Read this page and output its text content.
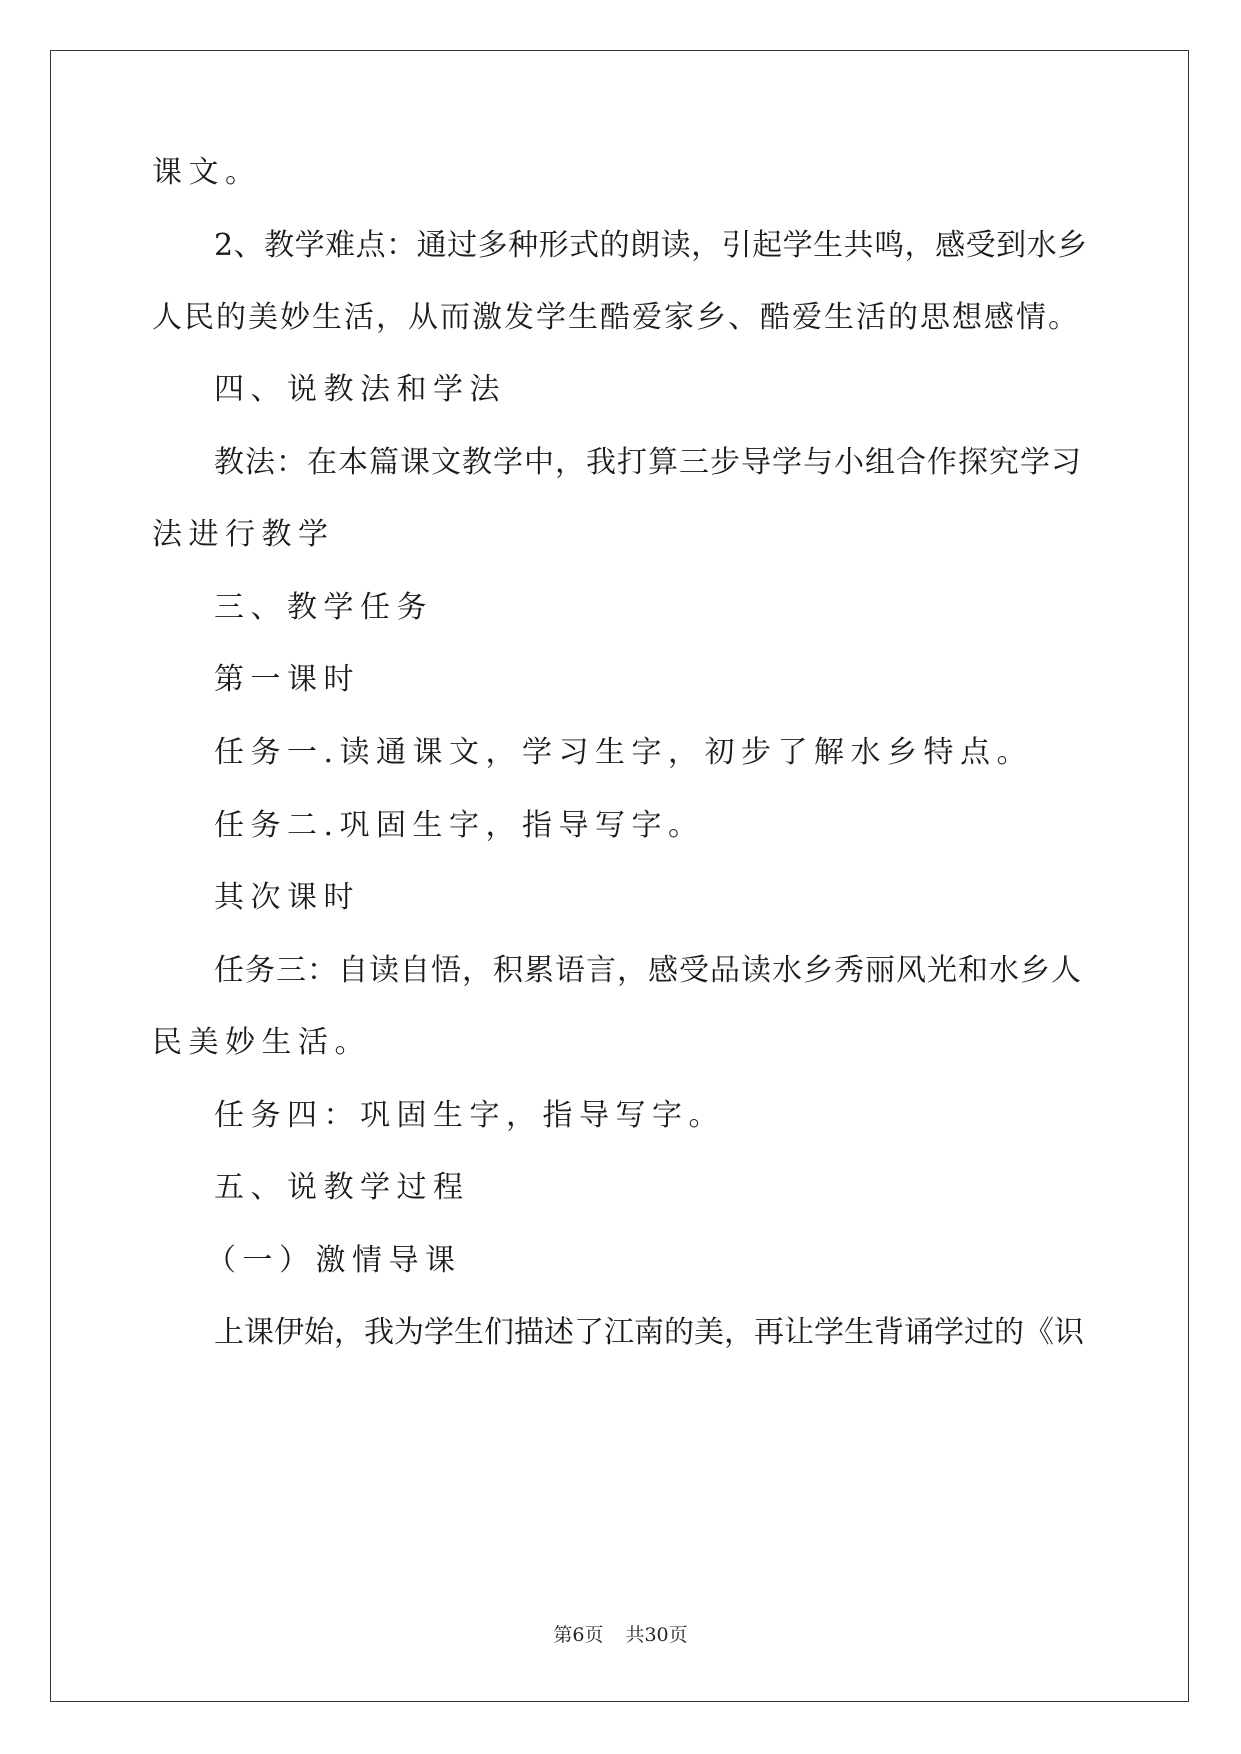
课文。
2、教学难点：通过多种形式的朗读，引起学生共鸣，感受到水乡
人民的美妙生活，从而激发学生酷爱家乡、酷爱生活的思想感情。
四、说教法和学法
教法：在本篇课文教学中，我打算三步导学与小组合作探究学习
法进行教学
三、教学任务
第一课时
任务一.读通课文，学习生字，初步了解水乡特点。
任务二.巩固生字，指导写字。
其次课时
任务三：自读自悟，积累语言，感受品读水乡秀丽风光和水乡人
民美妙生活。
任务四：巩固生字，指导写字。
五、说教学过程
（一）激情导课
上课伊始，我为学生们描述了江南的美，再让学生背诵学过的《识
第6页 共30页
